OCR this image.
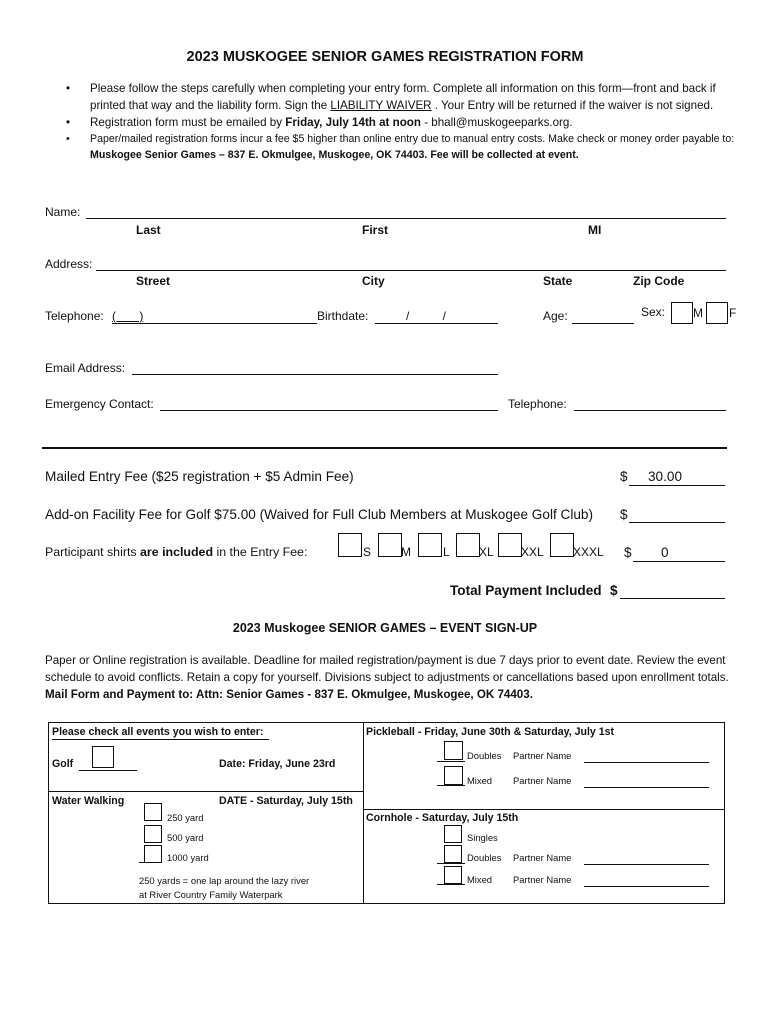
2023 MUSKOGEE SENIOR GAMES REGISTRATION FORM
• Please follow the steps carefully when completing your entry form. Complete all information on this form—front and back if printed that way and the liability form. Sign the LIABILITY WAIVER . Your Entry will be returned if the waiver is not signed.
• Registration form must be emailed by Friday, July 14th at noon - bhall@muskogeeparks.org.
• Paper/mailed registration forms incur a fee $5 higher than online entry due to manual entry costs. Make check or money order payable to: Muskogee Senior Games – 837 E. Okmulgee, Muskogee, OK 74403. Fee will be collected at event.
Name:
Last	First	MI
Address:
Street	City	State	Zip Code
Telephone: (       )	Birthdate:	/          /	Age:	Sex: M F
Email Address:
Emergency Contact:	Telephone:
Mailed Entry Fee ($25 registration + $5 Admin Fee)	$ 30.00
Add-on Facility Fee for Golf $75.00 (Waived for Full Club Members at Muskogee Golf Club) $
Participant shirts are included in the Entry Fee:	S M	L XL XXL XXXL $ 0
Total Payment Included $
2023 Muskogee SENIOR GAMES – EVENT SIGN-UP
Paper or Online registration is available. Deadline for mailed registration/payment is due 7 days prior to event date. Review the event schedule to avoid conflicts. Retain a copy for yourself. Divisions subject to adjustments or cancellations based upon enrollment totals. Mail Form and Payment to: Attn: Senior Games - 837 E. Okmulgee, Muskogee, OK 74403.
Please check all events you wish to enter:
Golf	Date: Friday, June 23rd
Water Walking	DATE - Saturday, July 15th
250 yard
500 yard
1000 yard
250 yards = one lap around the lazy river
at River Country Family Waterpark
Pickleball - Friday, June 30th & Saturday, July 1st
Doubles Partner Name
Mixed Partner Name
Cornhole - Saturday, July 15th
Singles
Doubles Partner Name
Mixed Partner Name
